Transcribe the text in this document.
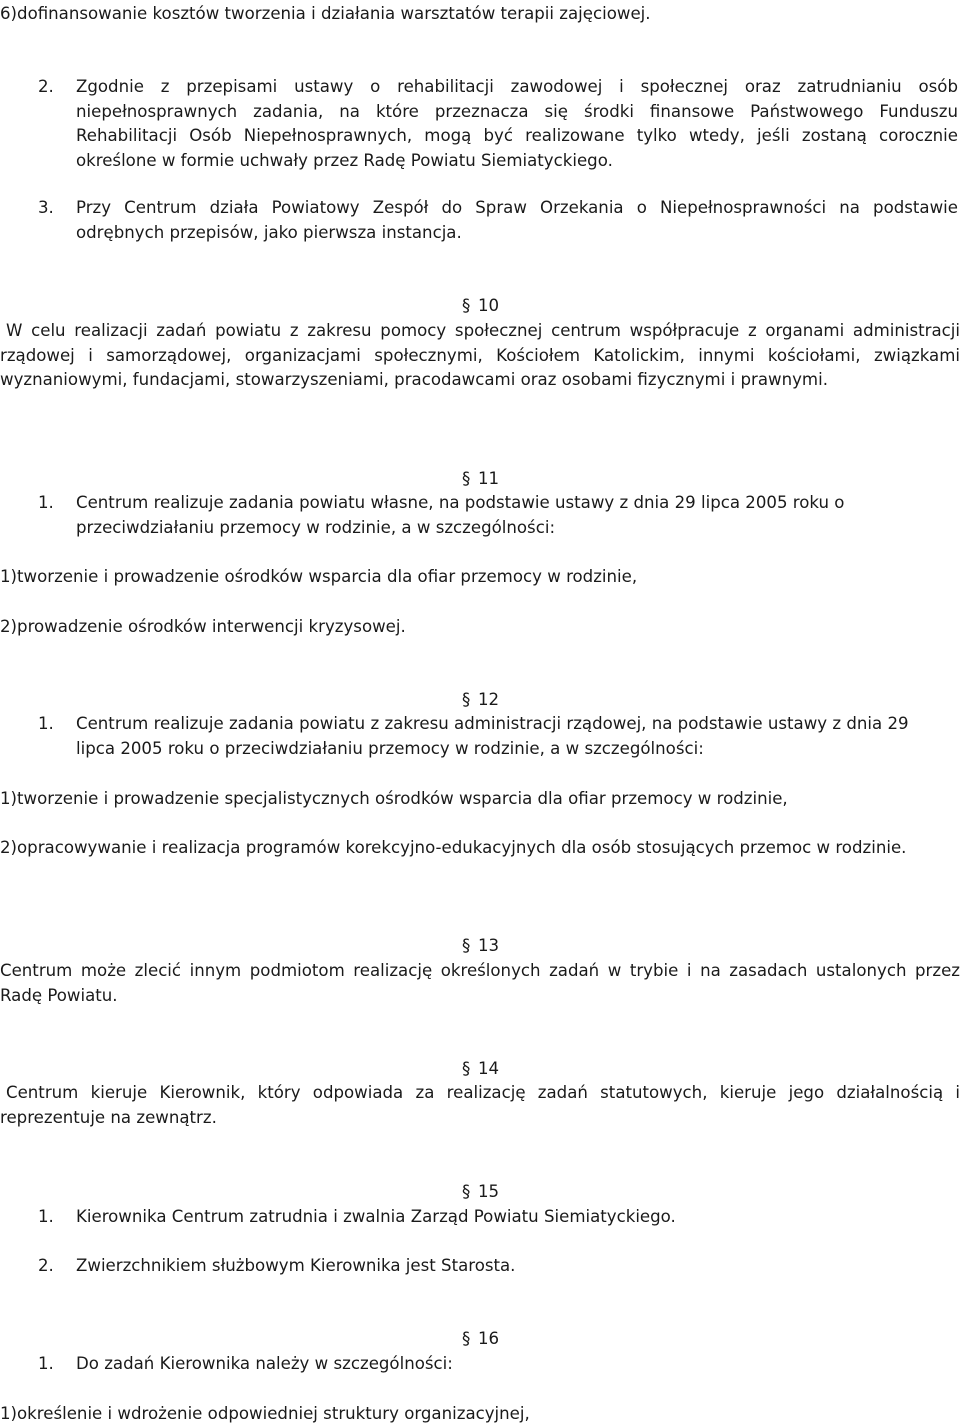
6)dofinansowanie kosztów tworzenia i działania warsztatów terapii zajęciowej.

2.	Zgodnie z przepisami ustawy o rehabilitacji zawodowej i społecznej oraz zatrudnianiu osób niepełnosprawnych zadania, na które przeznacza się środki finansowe Państwowego Funduszu Rehabilitacji Osób Niepełnosprawnych, mogą być realizowane tylko wtedy, jeśli zostaną corocznie określone w formie uchwały przez Radę Powiatu Siemiatyckiego.

3.	Przy Centrum działa Powiatowy Zespół do Spraw Orzekania o Niepełnosprawności na podstawie odrębnych przepisów, jako pierwsza instancja.

§ 10

W celu realizacji zadań powiatu z zakresu pomocy społecznej centrum współpracuje z organami administracji rządowej i samorządowej, organizacjami społecznymi, Kościołem Katolickim, innymi kościołami, związkami wyznaniowymi, fundacjami, stowarzyszeniami, pracodawcami oraz osobami fizycznymi i prawnymi.

§ 11
1.	Centrum realizuje zadania powiatu własne, na podstawie ustawy z dnia 29 lipca 2005 roku o przeciwdziałaniu przemocy w rodzinie, a w szczególności:

1)tworzenie i prowadzenie ośrodków wsparcia dla ofiar przemocy w rodzinie,

2)prowadzenie ośrodków interwencji kryzysowej.

§ 12
1.	Centrum realizuje zadania powiatu z zakresu administracji rządowej, na podstawie ustawy z dnia 29 lipca 2005 roku o przeciwdziałaniu przemocy w rodzinie, a w szczególności:

1)tworzenie i prowadzenie specjalistycznych ośrodków wsparcia dla ofiar przemocy w rodzinie,

2)opracowywanie i realizacja programów korekcyjno-edukacyjnych dla osób stosujących przemoc w rodzinie.

§ 13

Centrum może zlecić innym podmiotom realizację określonych zadań w trybie i na zasadach ustalonych przez Radę Powiatu.

§ 14

Centrum kieruje Kierownik, który odpowiada za realizację zadań statutowych, kieruje jego działalnością i reprezentuje na zewnątrz.

§ 15
1.	Kierownika Centrum zatrudnia i zwalnia Zarząd Powiatu Siemiatyckiego.

2.	Zwierzchnikiem służbowym Kierownika jest Starosta.

§ 16
1.	Do zadań Kierownika należy w szczególności:

1)określenie i wdrożenie odpowiedniej struktury organizacyjnej,
